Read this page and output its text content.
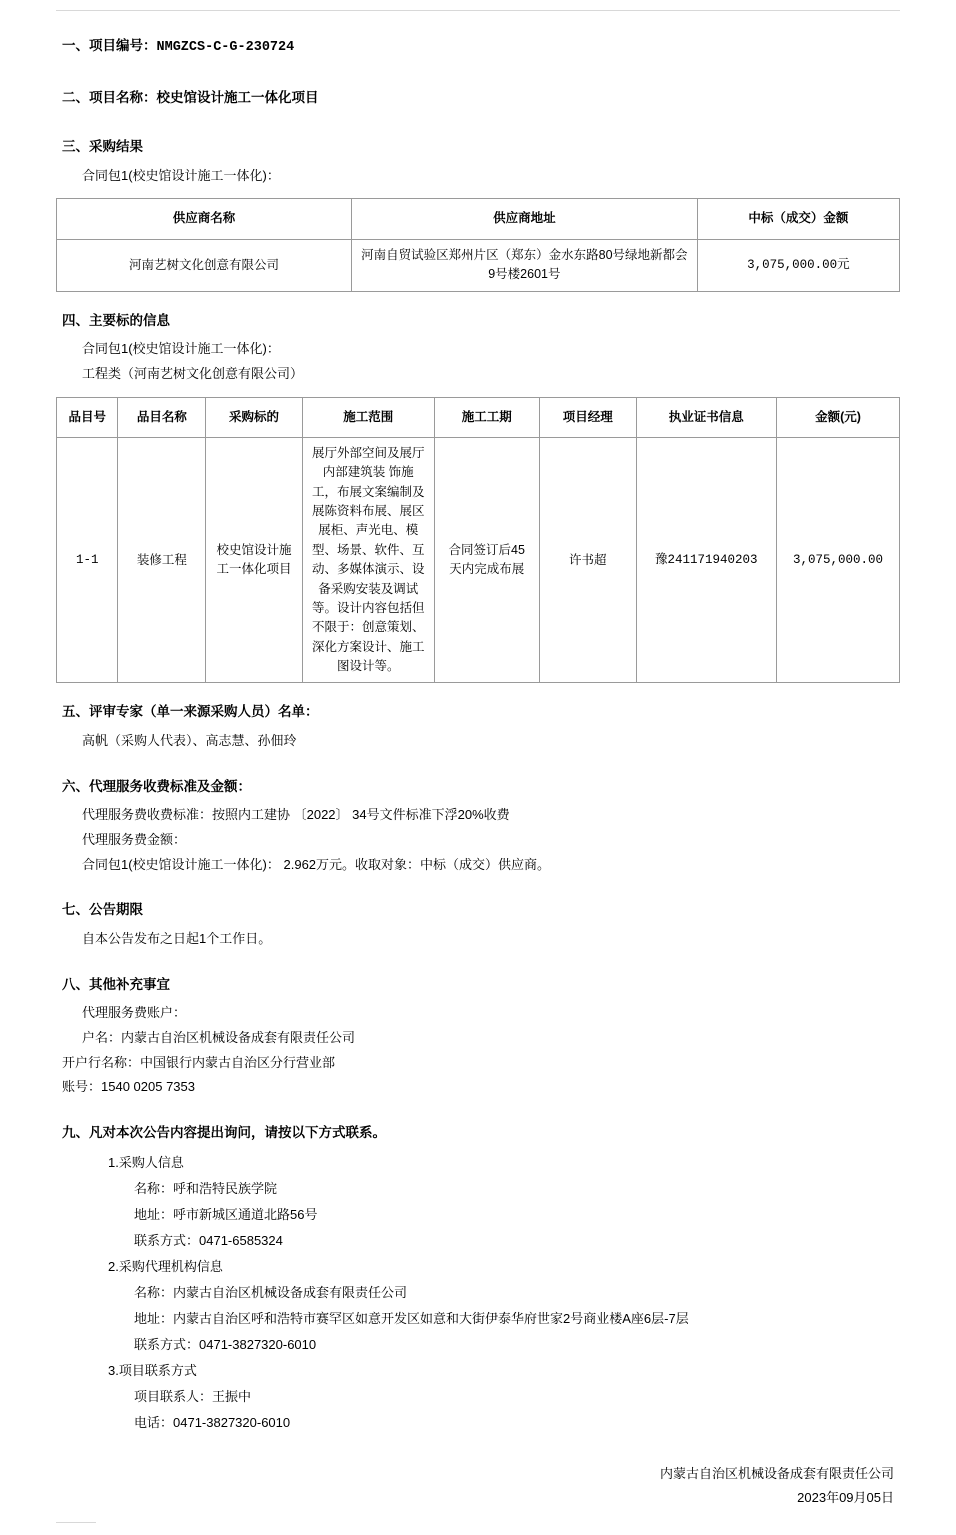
一、项目编号：NMGZCS-C-G-230724
二、项目名称：校史馆设计施工一体化项目
三、采购结果
合同包1(校史馆设计施工一体化)：
供应商名称	供应商地址	中标（成交）金额
河南艺树文化创意有限公司	河南自贸试验区郑州片区（郑东）金水东路80号绿地新都会9号楼2601号	3,075,000.00元
四、主要标的信息
合同包1(校史馆设计施工一体化)：
工程类（河南艺树文化创意有限公司）
品目号	品目名称	采购标的	施工范围	施工工期	项目经理	执业证书信息	金额(元)
1-1	装修工程	校史馆设计施工一体化项目	展厅外部空间及展厅内部建筑装 饰施工，布展文案编制及展陈资料布展、展区展柜、声光电、模型、场景、软件、互动、多媒体演示、设备采购安装及调试等。设计内容包括但不限于：创意策划、深化方案设计、施工图设计等。	合同签订后45天内完成布展	许书超	豫241171940203	3,075,000.00
五、评审专家（单一来源采购人员）名单：
高帆（采购人代表）、高志慧、孙佃玲
六、代理服务收费标准及金额：
代理服务费收费标准：按照内工建协 〔2022〕 34号文件标准下浮20%收费
代理服务费金额：
合同包1(校史馆设计施工一体化)： 2.962万元。收取对象：中标（成交）供应商。
七、公告期限
自本公告发布之日起1个工作日。
八、其他补充事宜
代理服务费账户：
户名：内蒙古自治区机械设备成套有限责任公司
开户行名称：中国银行内蒙古自治区分行营业部
账号：1540 0205 7353
九、凡对本次公告内容提出询问，请按以下方式联系。
1.采购人信息
名称：呼和浩特民族学院
地址：呼市新城区通道北路56号
联系方式：0471-6585324
2.采购代理机构信息
名称：内蒙古自治区机械设备成套有限责任公司
地址：内蒙古自治区呼和浩特市赛罕区如意开发区如意和大街伊泰华府世家2号商业楼A座6层-7层
联系方式：0471-3827320-6010
3.项目联系方式
项目联系人：王振中
电话：0471-3827320-6010
内蒙古自治区机械设备成套有限责任公司
2023年09月05日
